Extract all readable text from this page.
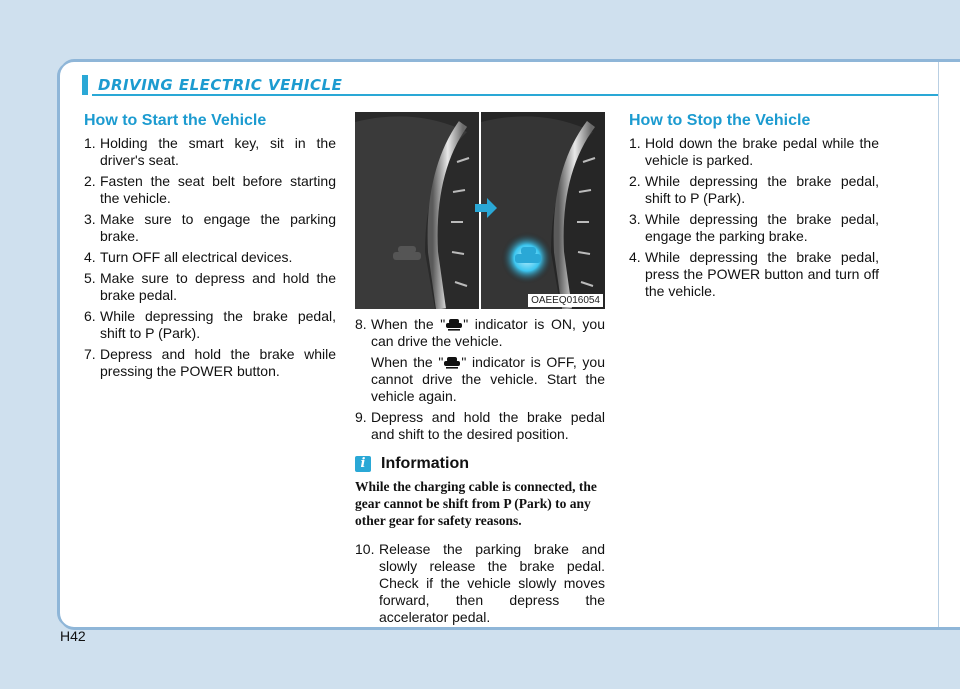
DRIVING ELECTRIC VEHICLE
How to Start the Vehicle
1. Holding the smart key, sit in the driver's seat.
2. Fasten the seat belt before starting the vehicle.
3. Make sure to engage the parking brake.
4. Turn OFF all electrical devices.
5. Make sure to depress and hold the brake pedal.
6. While depressing the brake pedal, shift to P (Park).
7. Depress and hold the brake while pressing the POWER button.
OAEEQ016054
8. When the " " indicator is ON, you can drive the vehicle.

When the " " indicator is OFF, you cannot drive the vehicle. Start the vehicle again.

9. Depress and hold the brake pedal and shift to the desired position.
i Information
While the charging cable is connected, the gear cannot be shift from P (Park) to any other gear for safety reasons.
10. Release the parking brake and slowly release the brake pedal. Check if the vehicle slowly moves forward, then depress the accelerator pedal.
How to Stop the Vehicle
1. Hold down the brake pedal while the vehicle is parked.
2. While depressing the brake pedal, shift to P (Park).
3. While depressing the brake pedal, engage the parking brake.
4. While depressing the brake pedal, press the POWER button and turn off the vehicle.
H42
